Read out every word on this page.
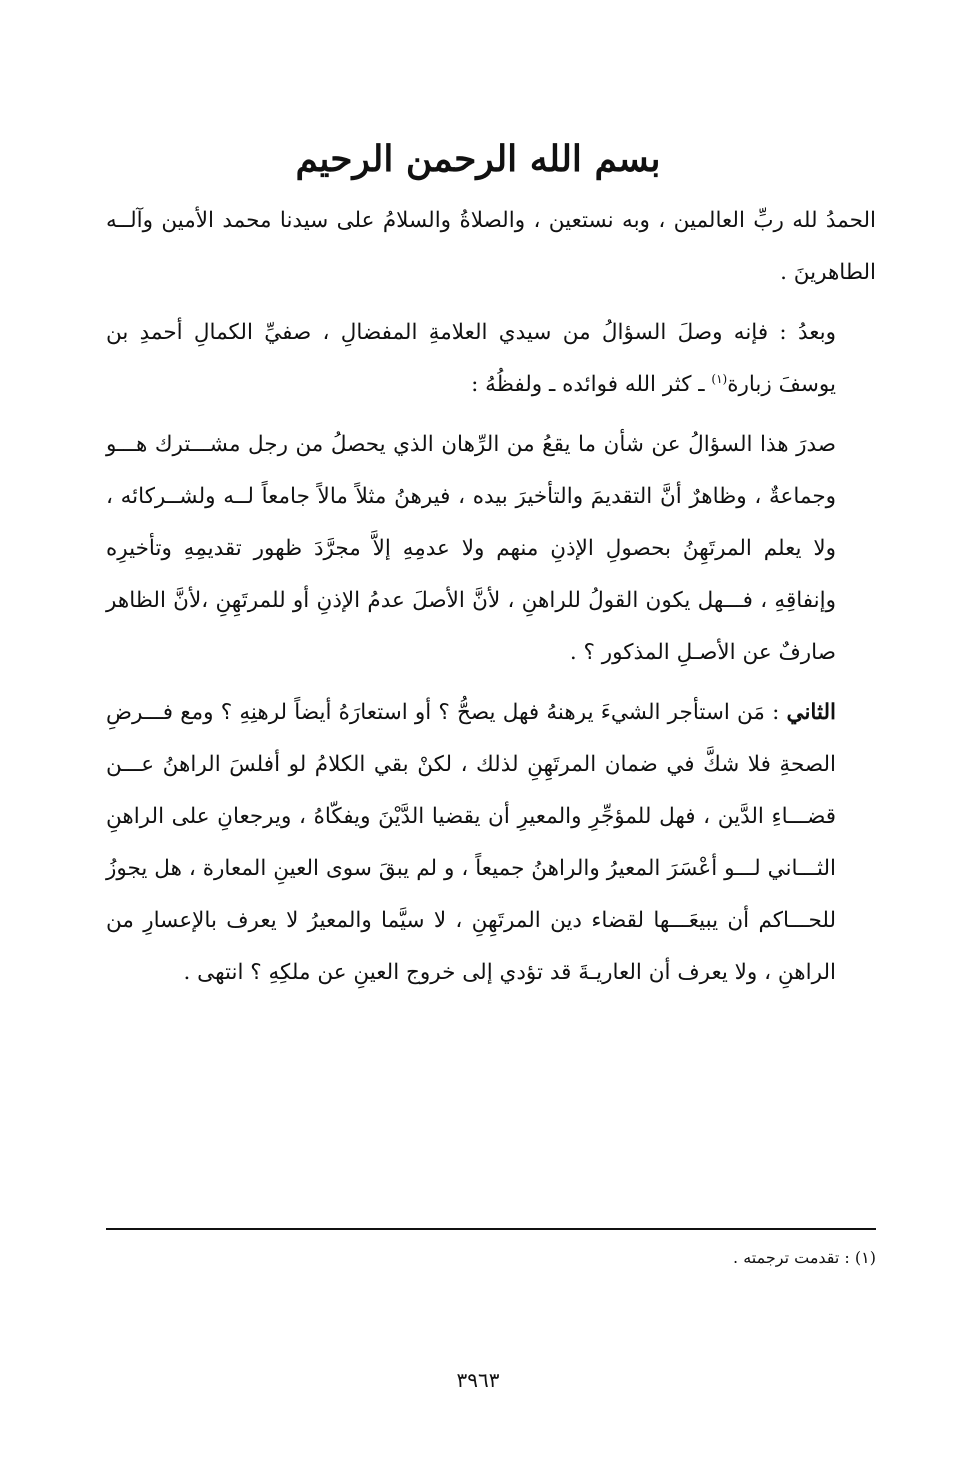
بسم الله الرحمن الرحيم

الحمدُ لله ربِّ العالمين ، وبه نستعين ، والصلاةُ والسلامُ على سيدنا محمد الأمين وآلــه الطاهرينَ .

وبعدُ : فإنه وصلَ السؤالُ من سيدي العلامةِ المفضالِ ، صفيِّ الكمالِ أحمدِ بن يوسفَ زبارة$^{(١)}$ ـ كثر الله فوائده ـ ولفظُهُ :

صدرَ هذا السؤالُ عن شأن ما يقعُ من الرِّهان الذي يحصلُ من رجل مشـــترك هـــو وجماعةٌ ، وظاهرٌ أنَّ التقديمَ والتأخيرَ بيده ، فيرهنُ مثلاً مالاً جامعاً لــه ولشــركائه ، ولا يعلم المرتَهِنُ بحصولِ الإذنِ منهم ولا عدمِهِ إلاَّ مجرَّدَ ظهور تقديمِهِ وتأخيرِه وإنفاقِهِ ، فـــهل يكون القولُ للراهنِ ، لأنَّ الأصلَ عدمُ الإذنِ أو للمرتَهِنِ ،لأنَّ الظاهر صارفٌ عن الأصـلِ المذكور ؟ .

الثاني : مَن استأجر الشيءَ يرهنهُ فهل يصحُّ ؟ أو استعارَهُ أيضاً لرهنِهِ ؟ ومع فـــرضِ الصحةِ فلا شكَّ في ضمان المرتَهِنِ لذلك ، لكنْ بقي الكلامُ لو أفلسَ الراهنُ عـــن قضـــاءِ الدَّين ، فهل للمؤجِّرِ والمعيرِ أن يقضيا الدَّيْنَ ويفكّاهُ ، ويرجعانِ على الراهنِ الثـــاني لـــو أعْسَرَ المعيرُ والراهنُ جميعاً ، و لم يبقَ سوى العينِ المعارة ، هل يجوزُ للحـــاكم أن يبيعَـــها لقضاء دين المرتَهِنِ ، لا سيَّما والمعيرُ لا يعرف بالإعسارِ من الراهنِ ، ولا يعرف أن العاريـةَ قد تؤدي إلى خروج العينِ عن ملكِهِ ؟ انتهى .

(١) : تقدمت ترجمته .
٣٩٦٣
